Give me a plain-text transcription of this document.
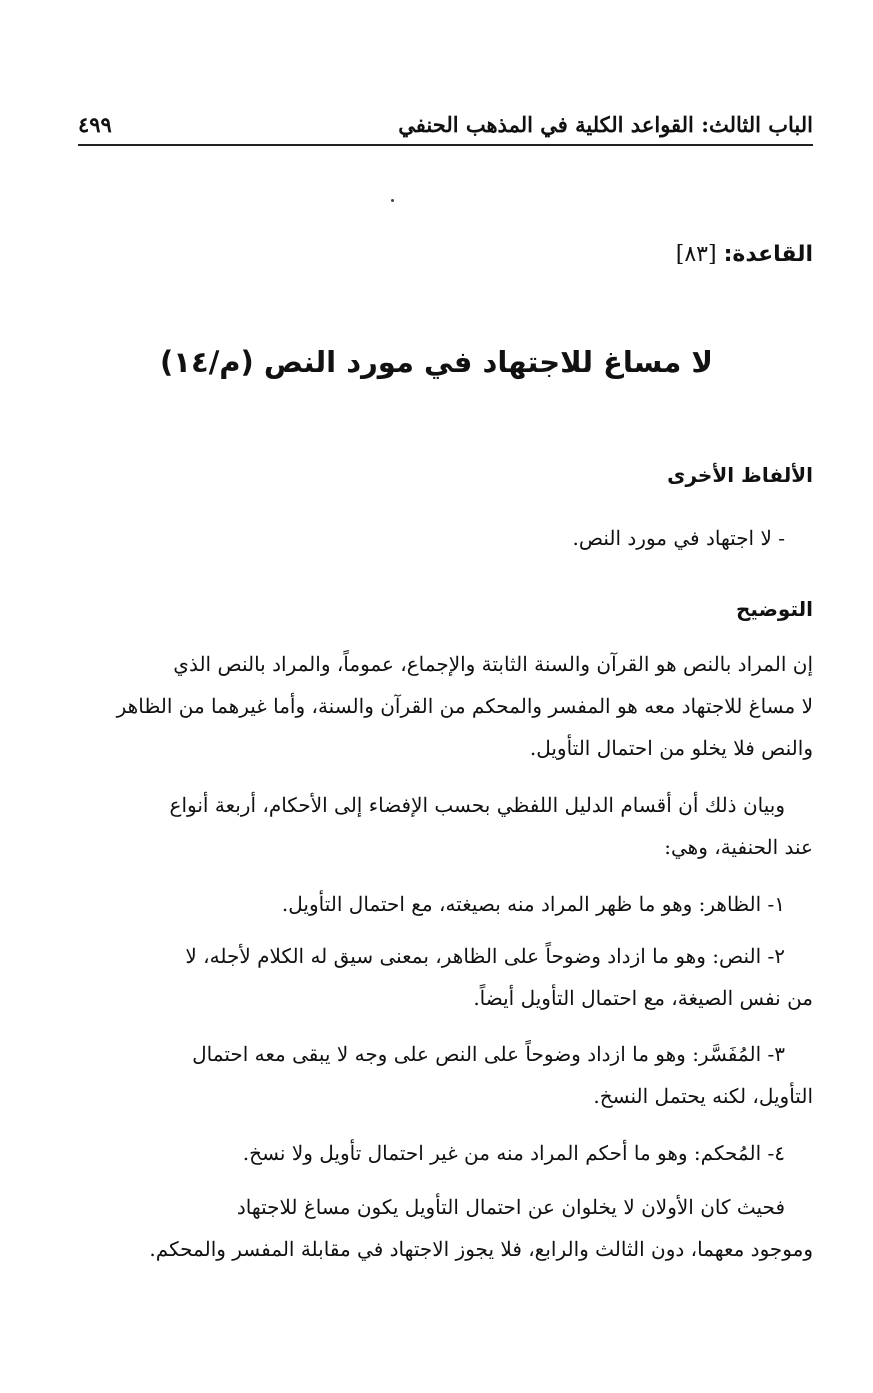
الباب الثالث: القواعد الكلية في المذهب الحنفي
٤٩٩
القاعدة: [٨٣]
لا مساغ للاجتهاد في مورد النص (م/١٤)
الألفاظ الأخرى
- لا اجتهاد في مورد النص.
التوضيح
إن المراد بالنص هو القرآن والسنة الثابتة والإجماع، عموماً، والمراد بالنص الذي
لا مساغ للاجتهاد معه هو المفسر والمحكم من القرآن والسنة، وأما غيرهما من الظاهر
والنص فلا يخلو من احتمال التأويل.
وبيان ذلك أن أقسام الدليل اللفظي بحسب الإفضاء إلى الأحكام، أربعة أنواع
عند الحنفية، وهي:
١- الظاهر: وهو ما ظهر المراد منه بصيغته، مع احتمال التأويل.
٢- النص: وهو ما ازداد وضوحاً على الظاهر، بمعنى سيق له الكلام لأجله، لا
من نفس الصيغة، مع احتمال التأويل أيضاً.
٣- المُفَسَّر: وهو ما ازداد وضوحاً على النص على وجه لا يبقى معه احتمال
التأويل، لكنه يحتمل النسخ.
٤- المُحكم: وهو ما أحكم المراد منه من غير احتمال تأويل ولا نسخ.
فحيث كان الأولان لا يخلوان عن احتمال التأويل يكون مساغ للاجتهاد
وموجود معهما، دون الثالث والرابع، فلا يجوز الاجتهاد في مقابلة المفسر والمحكم.
